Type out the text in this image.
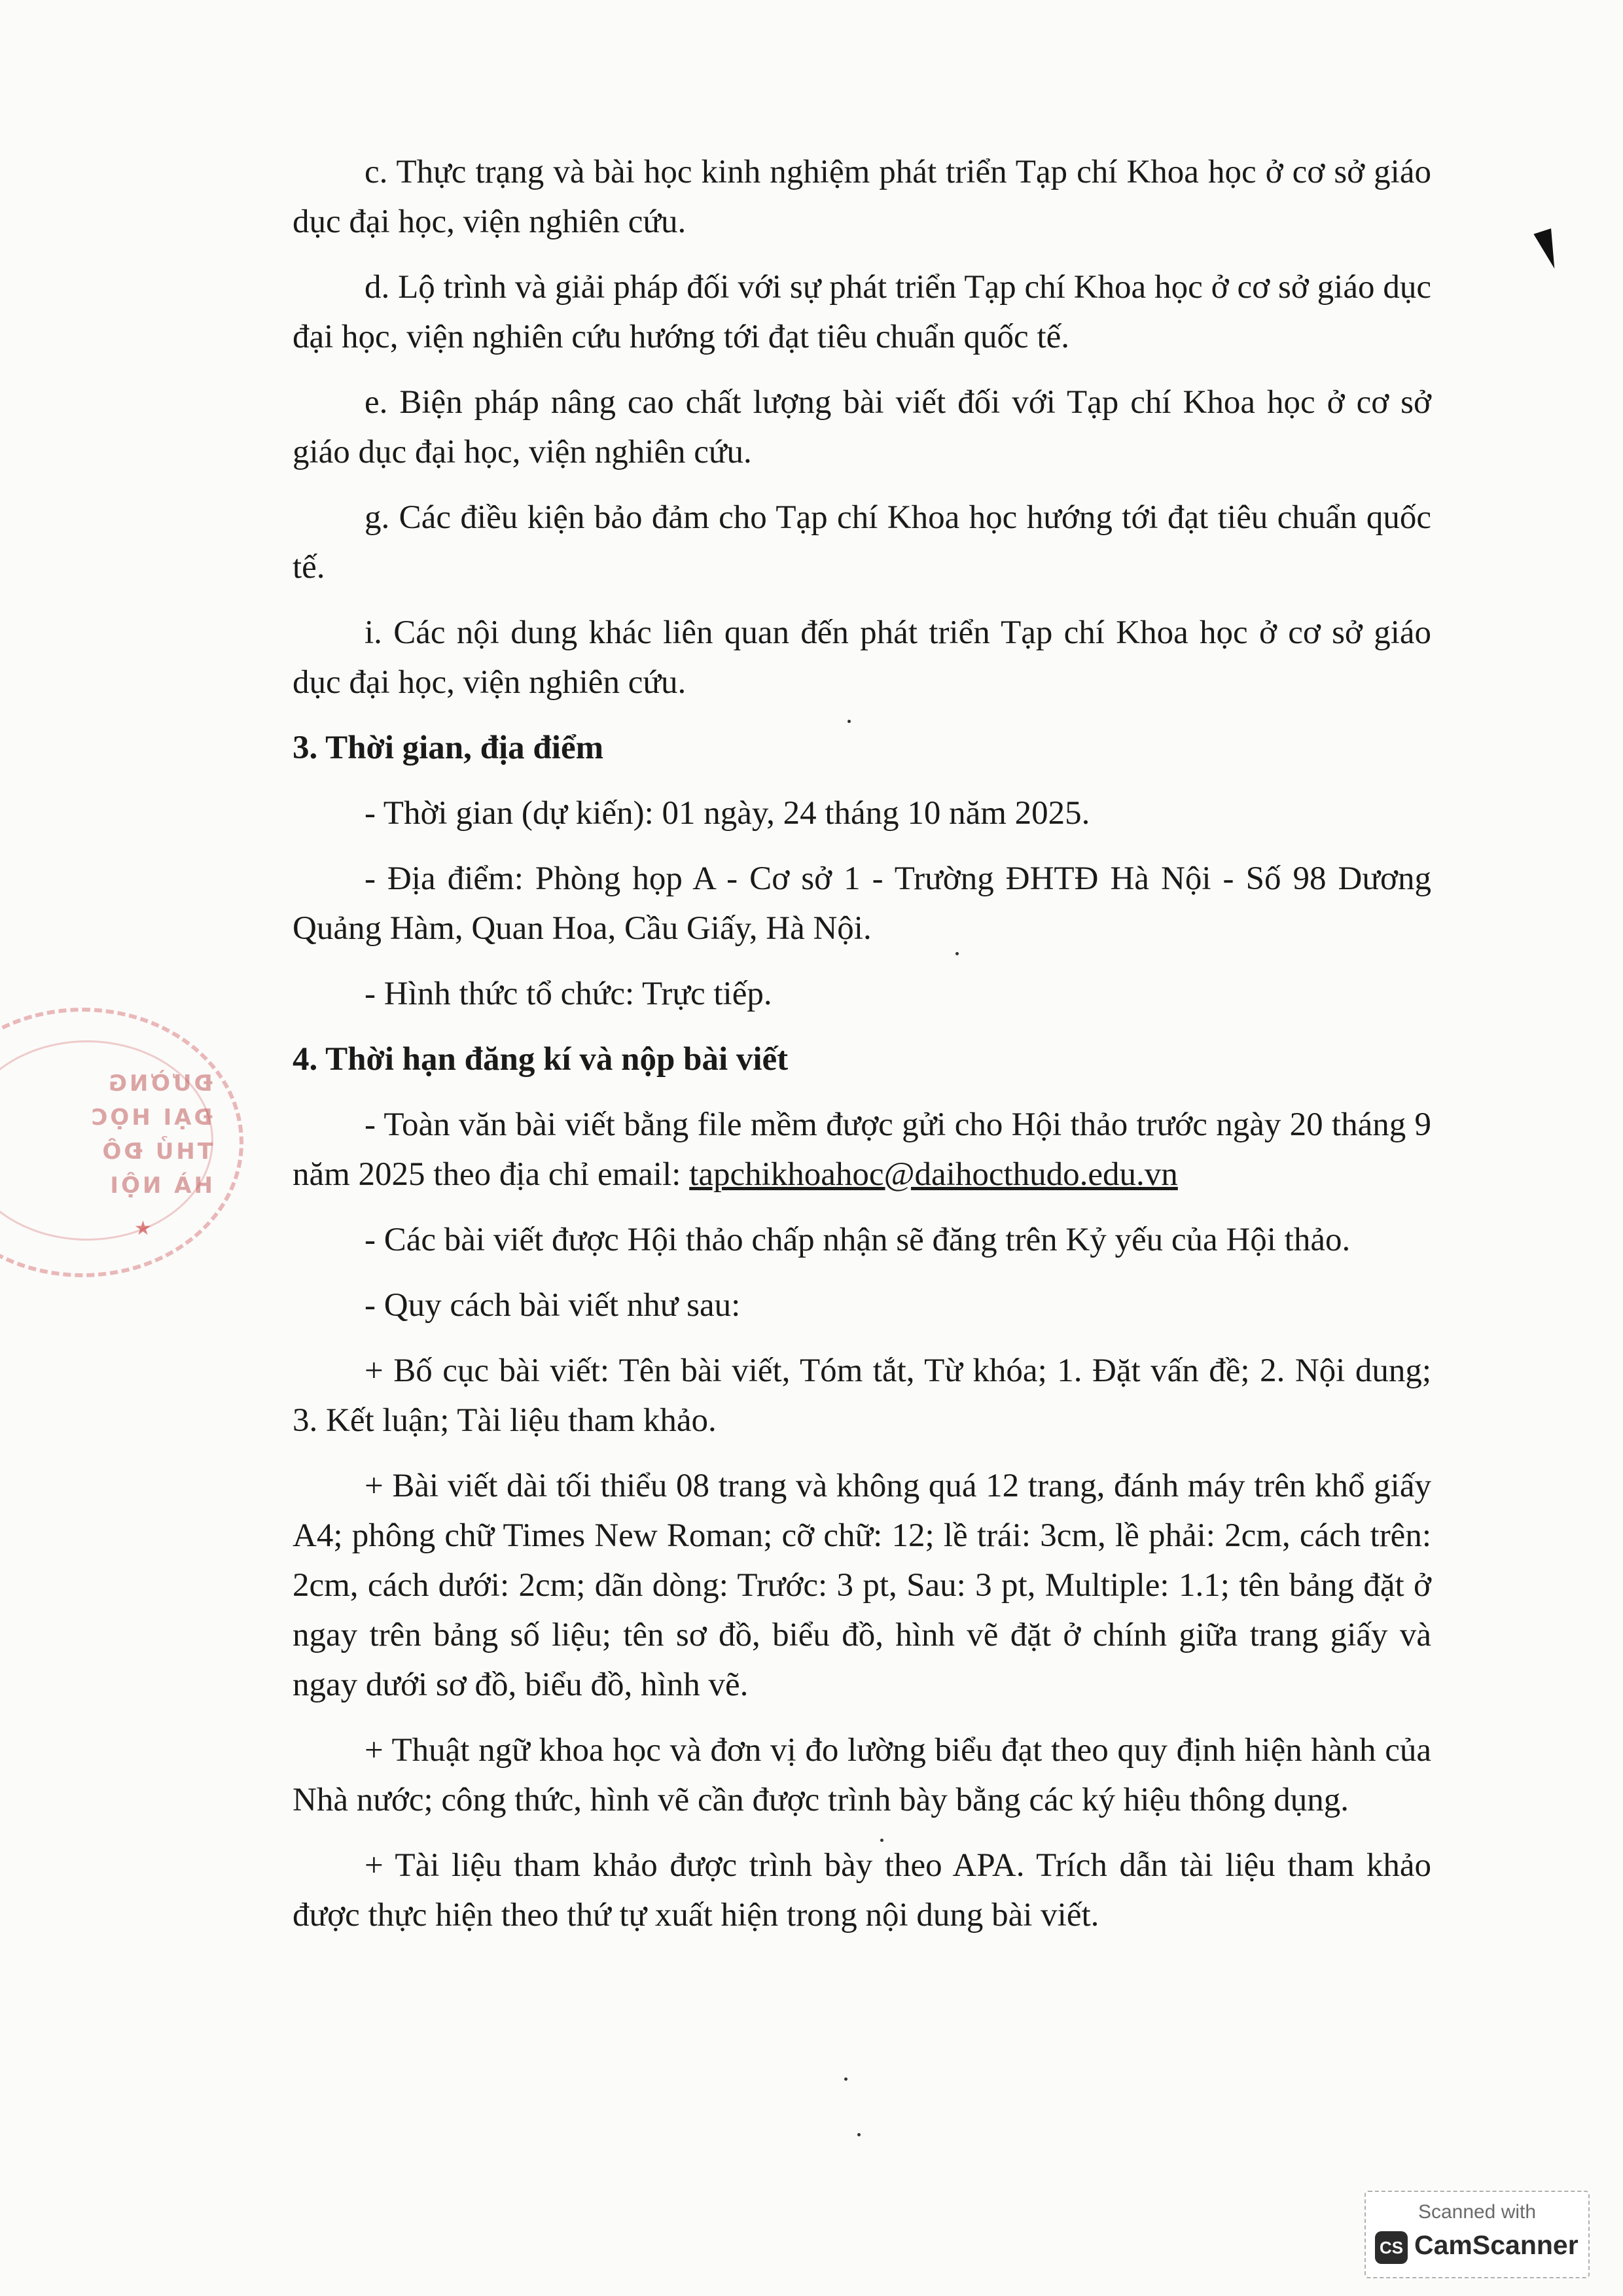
c. Thực trạng và bài học kinh nghiệm phát triển Tạp chí Khoa học ở cơ sở giáo dục đại học, viện nghiên cứu.

d. Lộ trình và giải pháp đối với sự phát triển Tạp chí Khoa học ở cơ sở giáo dục đại học, viện nghiên cứu hướng tới đạt tiêu chuẩn quốc tế.

e. Biện pháp nâng cao chất lượng bài viết đối với Tạp chí Khoa học ở cơ sở giáo dục đại học, viện nghiên cứu.

g. Các điều kiện bảo đảm cho Tạp chí Khoa học hướng tới đạt tiêu chuẩn quốc tế.

i. Các nội dung khác liên quan đến phát triển Tạp chí Khoa học ở cơ sở giáo dục đại học, viện nghiên cứu.

3. Thời gian, địa điểm

- Thời gian (dự kiến): 01 ngày, 24 tháng 10 năm 2025.

- Địa điểm: Phòng họp A - Cơ sở 1 - Trường ĐHTĐ Hà Nội - Số 98 Dương Quảng Hàm, Quan Hoa, Cầu Giấy, Hà Nội.

- Hình thức tổ chức: Trực tiếp.

4. Thời hạn đăng kí và nộp bài viết

- Toàn văn bài viết bằng file mềm được gửi cho Hội thảo trước ngày 20 tháng 9 năm 2025 theo địa chỉ email: tapchikhoahoc@daihocthudo.edu.vn

- Các bài viết được Hội thảo chấp nhận sẽ đăng trên Kỷ yếu của Hội thảo.

- Quy cách bài viết như sau:

+ Bố cục bài viết: Tên bài viết, Tóm tắt, Từ khóa; 1. Đặt vấn đề; 2. Nội dung; 3. Kết luận; Tài liệu tham khảo.

+ Bài viết dài tối thiểu 08 trang và không quá 12 trang, đánh máy trên khổ giấy A4; phông chữ Times New Roman; cỡ chữ: 12; lề trái: 3cm, lề phải: 2cm, cách trên: 2cm, cách dưới: 2cm; dãn dòng: Trước: 3 pt, Sau: 3 pt, Multiple: 1.1; tên bảng đặt ở ngay trên bảng số liệu; tên sơ đồ, biểu đồ, hình vẽ đặt ở chính giữa trang giấy và ngay dưới sơ đồ, biểu đồ, hình vẽ.

+ Thuật ngữ khoa học và đơn vị đo lường biểu đạt theo quy định hiện hành của Nhà nước; công thức, hình vẽ cần được trình bày bằng các ký hiệu thông dụng.

+ Tài liệu tham khảo được trình bày theo APA. Trích dẫn tài liệu tham khảo được thực hiện theo thứ tự xuất hiện trong nội dung bài viết.

ĐƯỜNG
ĐẠI HỌC
THỦ ĐÔ
HÀ NỘI
★
Scanned with
CS CamScanner
